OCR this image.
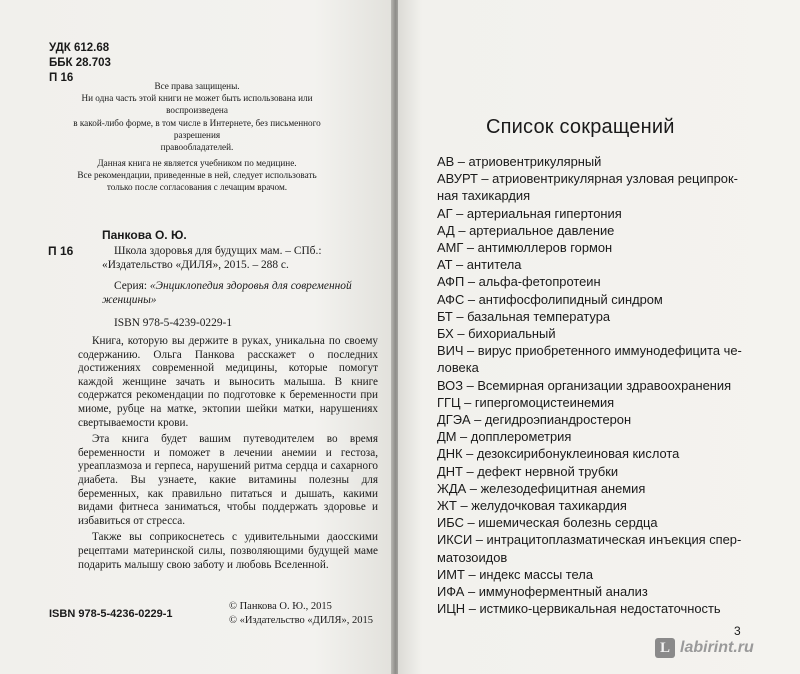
УДК 612.68
ББК 28.703
П 16
Все права защищены.
Ни одна часть этой книги не может быть использована или воспроизведена
в какой-либо форме, в том числе в Интернете, без письменного разрешения
правообладателей.
Данная книга не является учебником по медицине.
Все рекомендации, приведенные в ней, следует использовать
только после согласования с лечащим врачом.
Панкова О. Ю.
П 16	Школа здоровья для будущих мам. – СПб.:

«Издательство «ДИЛЯ», 2015. – 288 с.

Серия: «Энциклопедия здоровья для современной

женщины»

ISBN 978-5-4239-0229-1

Книга, которую вы держите в руках, уникальна по своему содержанию. Ольга Панкова расскажет о последних достижениях современной медицины, которые помогут каждой женщине зачать и выносить малыша. В книге содержатся рекомендации по подготовке к беременности при миоме, рубце на матке, эктопии шейки матки, нарушениях свертываемости крови.

Эта книга будет вашим путеводителем во время беременности и поможет в лечении анемии и гестоза, уреаплазмоза и герпеса, нарушений ритма сердца и сахарного диабета. Вы узнаете, какие витамины полезны для беременных, как правильно питаться и дышать, какими видами фитнеса заниматься, чтобы поддержать здоровье и избавиться от стресса.

Также вы соприкоснетесь с удивительными даосскими рецептами материнской силы, позволяющими будущей маме подарить малышу свою заботу и любовь Вселенной.

ISBN 978-5-4236-0229-1
© Панкова О. Ю., 2015
© «Издательство «ДИЛЯ», 2015
Список сокращений
АВ – атриовентрикулярный
АВУРТ – атриовентрикулярная узловая реципрок-
ная тахикардия
АГ – артериальная гипертония
АД – артериальное давление
АМГ – антимюллеров гормон
АТ – антитела
АФП – альфа-фетопротеин
АФС – антифосфолипидный синдром
БТ – базальная температура
БХ – бихориальный
ВИЧ – вирус приобретенного иммунодефицита че-
ловека
ВОЗ – Всемирная организации здравоохранения
ГГЦ – гипергомоцистеинемия
ДГЭА – дегидроэпиандростерон
ДМ – допплерометрия
ДНК – дезоксирибонуклеиновая кислота
ДНТ – дефект нервной трубки
ЖДА – железодефицитная анемия
ЖТ – желудочковая тахикардия
ИБС – ишемическая болезнь сердца
ИКСИ – интрацитоплазматическая инъекция спер-
матозоидов
ИМТ – индекс массы тела
ИФА – иммуноферментный анализ
ИЦН – истмико-цервикальная недостаточность
3
L labirint.ru
